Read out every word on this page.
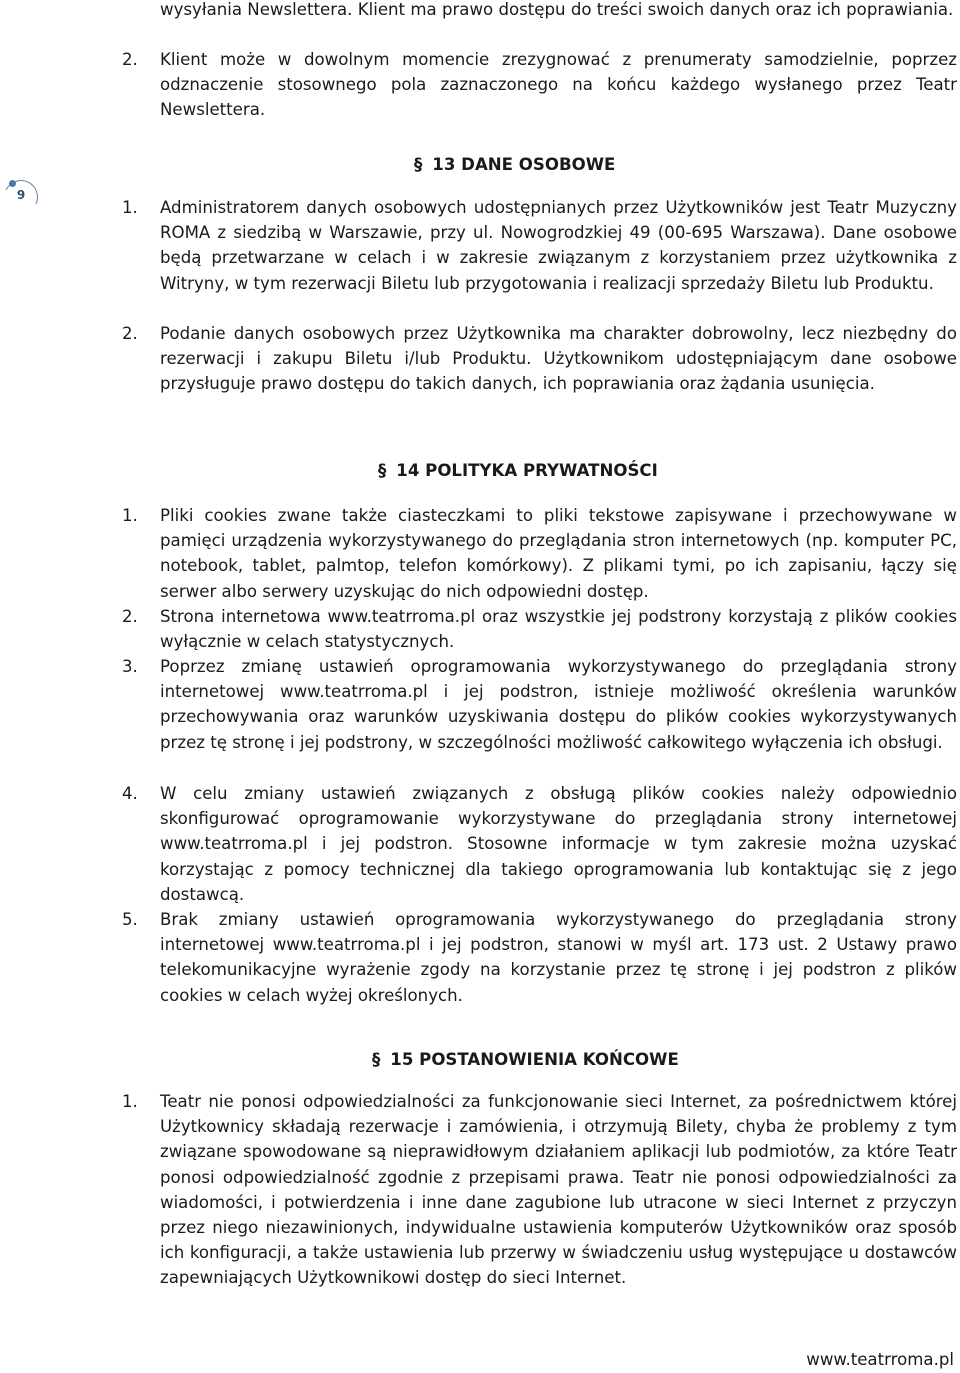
wysyłania Newslettera. Klient ma prawo dostępu do treści swoich danych oraz ich poprawiania.
2. Klient może w dowolnym momencie zrezygnować z prenumeraty samodzielnie, poprzez odznaczenie stosownego pola zaznaczonego na końcu każdego wysłanego przez Teatr Newslettera.
9
§ 13 DANE OSOBOWE
1. Administratorem danych osobowych udostępnianych przez Użytkowników jest Teatr Muzyczny ROMA z siedzibą w Warszawie, przy ul. Nowogrodzkiej 49 (00-695 Warszawa). Dane osobowe będą przetwarzane w celach i w zakresie związanym z korzystaniem przez użytkownika z Witryny, w tym rezerwacji Biletu lub przygotowania i realizacji sprzedaży Biletu lub Produktu.
2. Podanie danych osobowych przez Użytkownika ma charakter dobrowolny, lecz niezbędny do rezerwacji i zakupu Biletu i/lub Produktu. Użytkownikom udostępniającym dane osobowe przysługuje prawo dostępu do takich danych, ich poprawiania oraz żądania usunięcia.
§ 14 POLITYKA PRYWATNOŚCI
1. Pliki cookies zwane także ciasteczkami to pliki tekstowe zapisywane i przechowywane w pamięci urządzenia wykorzystywanego do przeglądania stron internetowych (np. komputer PC, notebook, tablet, palmtop, telefon komórkowy). Z plikami tymi, po ich zapisaniu, łączy się serwer albo serwery uzyskując do nich odpowiedni dostęp.
2. Strona internetowa www.teatrroma.pl oraz wszystkie jej podstrony korzystają z plików cookies wyłącznie w celach statystycznych.
3. Poprzez zmianę ustawień oprogramowania wykorzystywanego do przeglądania strony internetowej www.teatrroma.pl i jej podstron, istnieje możliwość określenia warunków przechowywania oraz warunków uzyskiwania dostępu do plików cookies wykorzystywanych przez tę stronę i jej podstrony, w szczególności możliwość całkowitego wyłączenia ich obsługi.
4. W celu zmiany ustawień związanych z obsługą plików cookies należy odpowiednio skonfigurować oprogramowanie wykorzystywane do przeglądania strony internetowej www.teatrroma.pl i jej podstron. Stosowne informacje w tym zakresie można uzyskać korzystając z pomocy technicznej dla takiego oprogramowania lub kontaktując się z jego dostawcą.
5. Brak zmiany ustawień oprogramowania wykorzystywanego do przeglądania strony internetowej www.teatrroma.pl i jej podstron, stanowi w myśl art. 173 ust. 2 Ustawy prawo telekomunikacyjne wyrażenie zgody na korzystanie przez tę stronę i jej podstron z plików cookies w celach wyżej określonych.
§ 15 POSTANOWIENIA KOŃCOWE
1. Teatr nie ponosi odpowiedzialności za funkcjonowanie sieci Internet, za pośrednictwem której Użytkownicy składają rezerwacje i zamówienia, i otrzymują Bilety, chyba że problemy z tym związane spowodowane są nieprawidłowym działaniem aplikacji lub podmiotów, za które Teatr ponosi odpowiedzialność zgodnie z przepisami prawa. Teatr nie ponosi odpowiedzialności za wiadomości, i potwierdzenia i inne dane zagubione lub utracone w sieci Internet z przyczyn przez niego niezawinionych, indywidualne ustawienia komputerów Użytkowników oraz sposób ich konfiguracji, a także ustawienia lub przerwy w świadczeniu usług występujące u dostawców zapewniających Użytkownikowi dostęp do sieci Internet.
www.teatrroma.pl
